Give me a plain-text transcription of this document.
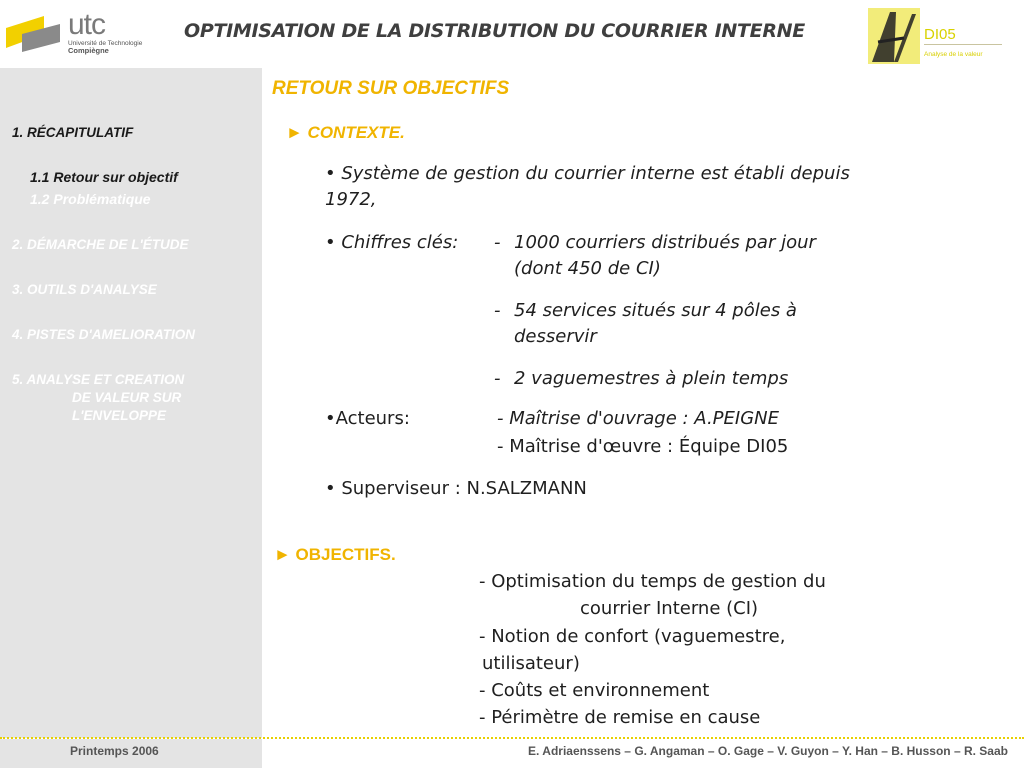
utc
Université de Technologie
Compiègne
OPTIMISATION DE LA DISTRIBUTION DU COURRIER INTERNE	DI05
Analyse de la valeur
1. RÉCAPITULATIF
1.1 Retour sur objectif
1.2 Problématique
2. DÉMARCHE DE L'ÉTUDE
3. OUTILS D'ANALYSE
4. PISTES D'AMELIORATION
5. ANALYSE ET CREATION
DE VALEUR SUR
L'ENVELOPPE
RETOUR SUR OBJECTIFS
► CONTEXTE.
• Système de gestion du courrier interne est établi depuis
1972,
• Chiffres clés: - 1000 courriers distribués par jour
(dont 450 de CI)
- 54 services situés sur 4 pôles à
desservir
- 2 vaguemestres à plein temps
•Acteurs:	- Maîtrise d'ouvrage : A.PEIGNE
- Maîtrise d'œuvre : Équipe DI05
• Superviseur : N.SALZMANN
► OBJECTIFS.
- Optimisation du temps de gestion du
courrier Interne (CI)
- Notion de confort (vaguemestre,
utilisateur)
- Coûts et environnement
- Périmètre de remise en cause
Printemps 2006	E. Adriaenssens – G. Angaman – O. Gage – V. Guyon – Y. Han – B. Husson – R. Saab
